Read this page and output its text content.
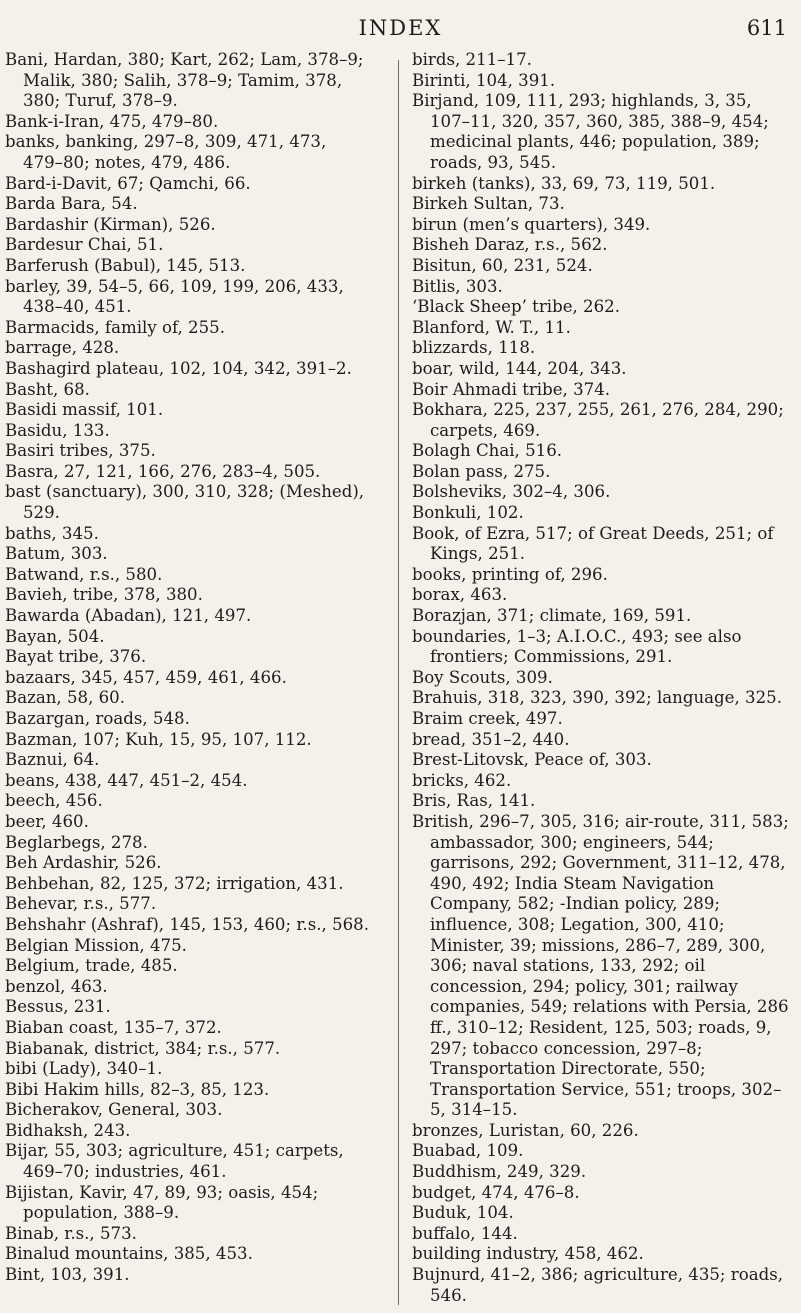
INDEX	611

Bani, Hardan, 380; Kart, 262; Lam, 378–9; Malik, 380; Salih, 378–9; Tamim, 378, 380; Turuf, 378–9.

Bank-i-Iran, 475, 479–80.

banks, banking, 297–8, 309, 471, 473, 479–80; notes, 479, 486.

Bard-i-Davit, 67; Qamchi, 66.

Barda Bara, 54.

Bardashir (Kirman), 526.

Bardesur Chai, 51.

Barferush (Babul), 145, 513.

barley, 39, 54–5, 66, 109, 199, 206, 433, 438–40, 451.

Barmacids, family of, 255.

barrage, 428.

Bashagird plateau, 102, 104, 342, 391–2.

Basht, 68.

Basidi massif, 101.

Basidu, 133.

Basiri tribes, 375.

Basra, 27, 121, 166, 276, 283–4, 505.

bast (sanctuary), 300, 310, 328; (Meshed), 529.

baths, 345.

Batum, 303.

Batwand, r.s., 580.

Bavieh, tribe, 378, 380.

Bawarda (Abadan), 121, 497.

Bayan, 504.

Bayat tribe, 376.

bazaars, 345, 457, 459, 461, 466.

Bazan, 58, 60.

Bazargan, roads, 548.

Bazman, 107; Kuh, 15, 95, 107, 112.

Baznui, 64.

beans, 438, 447, 451–2, 454.

beech, 456.

beer, 460.

Beglarbegs, 278.

Beh Ardashir, 526.

Behbehan, 82, 125, 372; irrigation, 431.

Behevar, r.s., 577.

Behshahr (Ashraf), 145, 153, 460; r.s., 568.

Belgian Mission, 475.

Belgium, trade, 485.

benzol, 463.

Bessus, 231.

Biaban coast, 135–7, 372.

Biabanak, district, 384; r.s., 577.

bibi (Lady), 340–1.

Bibi Hakim hills, 82–3, 85, 123.

Bicherakov, General, 303.

Bidhaksh, 243.

Bijar, 55, 303; agriculture, 451; carpets, 469–70; industries, 461.

Bijistan, Kavir, 47, 89, 93; oasis, 454; population, 388–9.

Binab, r.s., 573.

Binalud mountains, 385, 453.

Bint, 103, 391.

birds, 211–17.

Birinti, 104, 391.

Birjand, 109, 111, 293; highlands, 3, 35, 107–11, 320, 357, 360, 385, 388–9, 454; medicinal plants, 446; population, 389; roads, 93, 545.

birkeh (tanks), 33, 69, 73, 119, 501.

Birkeh Sultan, 73.

birun (men’s quarters), 349.

Bisheh Daraz, r.s., 562.

Bisitun, 60, 231, 524.

Bitlis, 303.

‘Black Sheep’ tribe, 262.

Blanford, W. T., 11.

blizzards, 118.

boar, wild, 144, 204, 343.

Boir Ahmadi tribe, 374.

Bokhara, 225, 237, 255, 261, 276, 284, 290; carpets, 469.

Bolagh Chai, 516.

Bolan pass, 275.

Bolsheviks, 302–4, 306.

Bonkuli, 102.

Book, of Ezra, 517; of Great Deeds, 251; of Kings, 251.

books, printing of, 296.

borax, 463.

Borazjan, 371; climate, 169, 591.

boundaries, 1–3; A.I.O.C., 493; see also frontiers; Commissions, 291.

Boy Scouts, 309.

Brahuis, 318, 323, 390, 392; language, 325.

Braim creek, 497.

bread, 351–2, 440.

Brest-Litovsk, Peace of, 303.

bricks, 462.

Bris, Ras, 141.

British, 296–7, 305, 316; air-route, 311, 583; ambassador, 300; engineers, 544; garrisons, 292; Government, 311–12, 478, 490, 492; India Steam Navigation Company, 582; -Indian policy, 289; influence, 308; Legation, 300, 410; Minister, 39; missions, 286–7, 289, 300, 306; naval stations, 133, 292; oil concession, 294; policy, 301; railway companies, 549; relations with Persia, 286 ff., 310–12; Resident, 125, 503; roads, 9, 297; tobacco concession, 297–8; Transportation Directorate, 550; Transportation Service, 551; troops, 302–5, 314–15.

bronzes, Luristan, 60, 226.

Buabad, 109.

Buddhism, 249, 329.

budget, 474, 476–8.

Buduk, 104.

buffalo, 144.

building industry, 458, 462.

Bujnurd, 41–2, 386; agriculture, 435; roads, 546.
